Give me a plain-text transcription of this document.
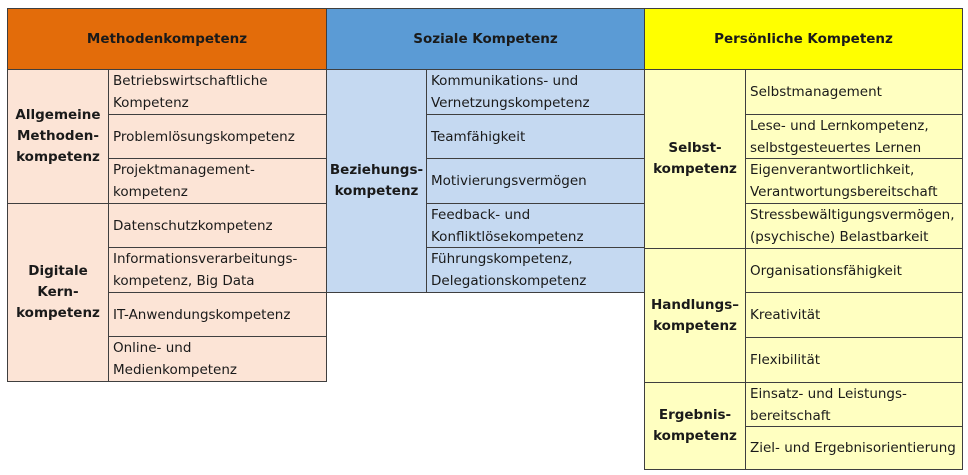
Methodenkompetenz	Soziale Kompetenz	Persönliche Kompetenz
Allgemeine
Methoden-
kompetenz
Betriebswirtschaftliche
Kompetenz
Problemlösungskompetenz
Projektmanagement-
kompetenz
Digitale
Kern-
kompetenz
Datenschutzkompetenz
Informationsverarbeitungs-
kompetenz, Big Data
IT-Anwendungskompetenz
Online- und
Medienkompetenz
Beziehungs-
kompetenz
Kommunikations- und
Vernetzungskompetenz
Teamfähigkeit
Motivierungsvermögen
Feedback- und
Konfliktlösekompetenz
Führungskompetenz,
Delegationskompetenz
Selbst-
kompetenz
Selbstmanagement
Lese- und Lernkompetenz,
selbstgesteuertes Lernen
Eigenverantwortlichkeit,
Verantwortungsbereitschaft
Stressbewältigungsvermögen,
(psychische) Belastbarkeit
Handlungs–
kompetenz
Organisationsfähigkeit
Kreativität
Flexibilität
Ergebnis-
kompetenz
Einsatz- und Leistungs-
bereitschaft
Ziel- und Ergebnisorientierung
